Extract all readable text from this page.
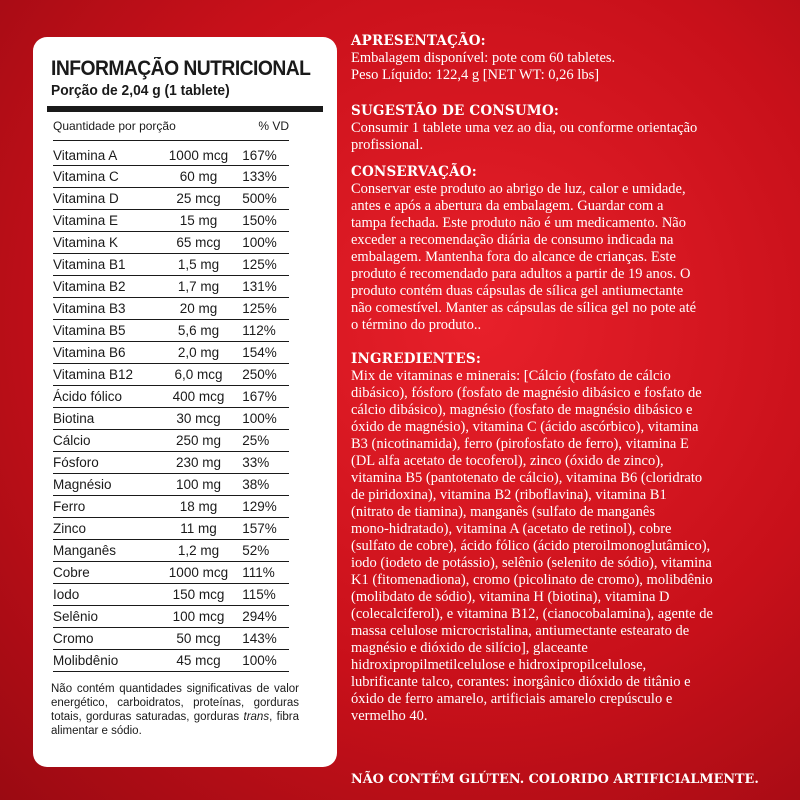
INFORMAÇÃO NUTRICIONAL
Porção de 2,04 g (1 tablete)
Quantidade por porção		% VD
Vitamina A	1000 mcg	167%
Vitamina C	60 mg	133%
Vitamina D	25 mcg	500%
Vitamina E	15 mg	150%
Vitamina K	65 mcg	100%
Vitamina B1	1,5 mg	125%
Vitamina B2	1,7 mg	131%
Vitamina B3	20 mg	125%
Vitamina B5	5,6 mg	112%
Vitamina B6	2,0 mg	154%
Vitamina B12	6,0 mcg	250%
Ácido fólico	400 mcg	167%
Biotina	30 mcg	100%
Cálcio	250 mg	25%
Fósforo	230 mg	33%
Magnésio	100 mg	38%
Ferro	18 mg	129%
Zinco	11 mg	157%
Manganês	1,2 mg	52%
Cobre	1000 mcg	111%
Iodo	150 mcg	115%
Selênio	100 mcg	294%
Cromo	50 mcg	143%
Molibdênio	45 mcg	100%
Não contém quantidades significativas de valor energético, carboidratos, proteínas, gorduras totais, gorduras saturadas, gorduras trans, fibra alimentar e sódio.
APRESENTAÇÃO:

Embalagem disponível: pote com 60 tabletes.

Peso Líquido: 122,4 g [NET WT: 0,26 lbs]

SUGESTÃO DE CONSUMO:

Consumir 1 tablete uma vez ao dia, ou conforme orientação

profissional.

CONSERVAÇÃO:

Conservar este produto ao abrigo de luz, calor e umidade,

antes e após a abertura da embalagem. Guardar com a

tampa fechada. Este produto não é um medicamento. Não

exceder a recomendação diária de consumo indicada na

embalagem. Mantenha fora do alcance de crianças. Este

produto é recomendado para adultos a partir de 19 anos. O

produto contém duas cápsulas de sílica gel antiumectante

não comestível. Manter as cápsulas de sílica gel no pote até

o término do produto..

INGREDIENTES:

Mix de vitaminas e minerais: [Cálcio (fosfato de cálcio

dibásico), fósforo (fosfato de magnésio dibásico e fosfato de

cálcio dibásico), magnésio (fosfato de magnésio dibásico e

óxido de magnésio), vitamina C (ácido ascórbico), vitamina

B3 (nicotinamida), ferro (pirofosfato de ferro), vitamina E

(DL alfa acetato de tocoferol), zinco (óxido de zinco),

vitamina B5 (pantotenato de cálcio), vitamina B6 (cloridrato

de piridoxina), vitamina B2 (riboflavina), vitamina B1

(nitrato de tiamina), manganês (sulfato de manganês

mono-hidratado), vitamina A (acetato de retinol), cobre

(sulfato de cobre), ácido fólico (ácido pteroilmonoglutâmico),

iodo (iodeto de potássio), selênio (selenito de sódio), vitamina

K1 (fitomenadiona), cromo (picolinato de cromo), molibdênio

(molibdato de sódio), vitamina H (biotina), vitamina D

(colecalciferol), e vitamina B12, (cianocobalamina), agente de

massa celulose microcristalina, antiumectante estearato de

magnésio e dióxido de silício], glaceante

hidroxipropilmetilcelulose e hidroxipropilcelulose,

lubrificante talco, corantes: inorgânico dióxido de titânio e

óxido de ferro amarelo, artificiais amarelo crepúsculo e

vermelho 40.

NÃO CONTÉM GLÚTEN. COLORIDO ARTIFICIALMENTE.
